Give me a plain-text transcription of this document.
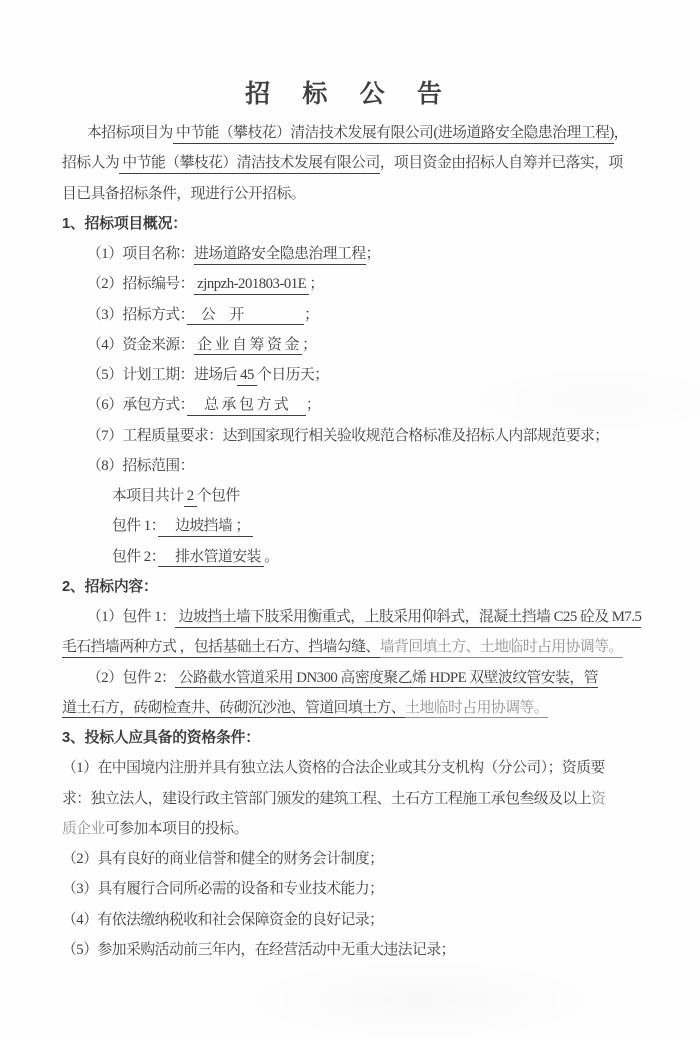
招 标 公 告
本招标项目为 中节能（攀枝花）清洁技术发展有限公司(进场道路安全隐患治理工程)，
招标人为 中节能（攀枝花）清洁技术发展有限公司，项目资金由招标人自筹并已落实，项
目已具备招标条件，现进行公开招标。
1、招标项目概况：
（1）项目名称：进场道路安全隐患治理工程；
（2）招标编号： zjnpzh-201803-01E ；
（3）招标方式：　公　开　　　　 ；
（4）资金来源： 企 业 自 筹 资 金 ；
（5）计划工期：进场后 45 个日历天；
（6）承包方式：　 总 承 包 方 式 　；
（7）工程质量要求：达到国家现行相关验收规范合格标准及招标人内部规范要求；
（8）招标范围：
本项目共计 2 个包件
包件 1：　 边坡挡墙 ；
包件 2：　 排水管道安装 。
2、招标内容：
（1）包件 1： 边坡挡土墙下肢采用衡重式，上肢采用仰斜式，混凝土挡墙 C25 砼及 M7.5
毛石挡墙两种方式 ，包括基础土石方、挡墙勾缝、墙背回填土方、土地临时占用协调等。
（2）包件 2： 公路截水管道采用 DN300 高密度聚乙烯 HDPE 双壁波纹管安装，管
道土石方，砖砌检查井、砖砌沉沙池、管道回填土方、土地临时占用协调等。
3、投标人应具备的资格条件：
（1）在中国境内注册并具有独立法人资格的合法企业或其分支机构（分公司）；资质要
求：独立法人，建设行政主管部门颁发的建筑工程、土石方工程施工承包叁级及以上资
质企业可参加本项目的投标。
（2）具有良好的商业信誉和健全的财务会计制度；
（3）具有履行合同所必需的设备和专业技术能力；
（4）有依法缴纳税收和社会保障资金的良好记录；
（5）参加采购活动前三年内，在经营活动中无重大违法记录；
